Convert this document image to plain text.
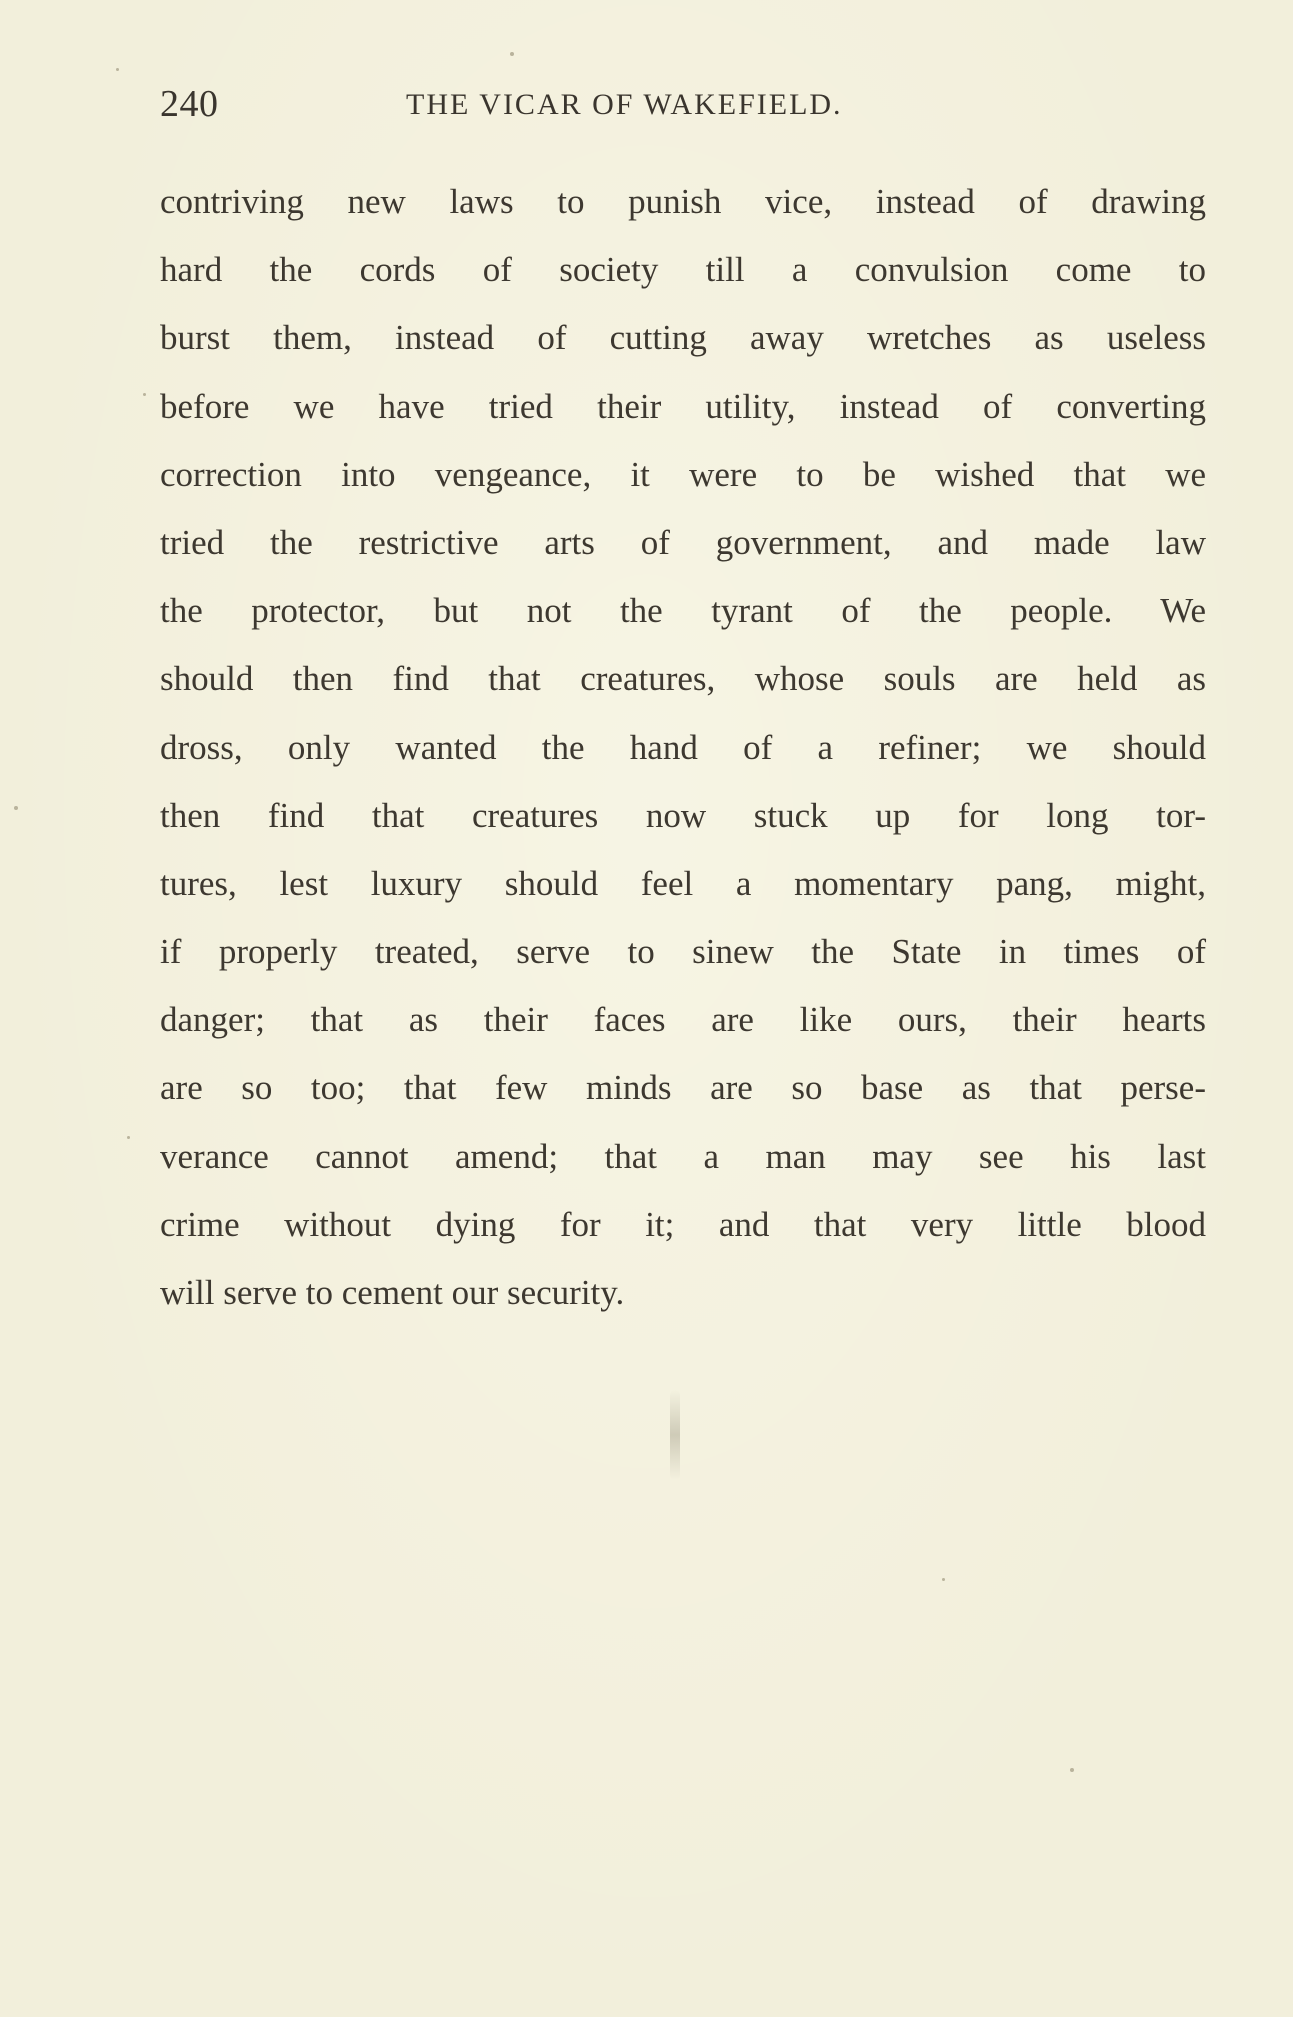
240	THE VICAR OF WAKEFIELD.
contriving new laws to punish vice, instead of drawing
hard the cords of society till a convulsion come to
burst them, instead of cutting away wretches as useless
before we have tried their utility, instead of converting
correction into vengeance, it were to be wished that we
tried the restrictive arts of government, and made law
the protector, but not the tyrant of the people. We
should then find that creatures, whose souls are held as
dross, only wanted the hand of a refiner; we should
then find that creatures now stuck up for long tor-
tures, lest luxury should feel a momentary pang, might,
if properly treated, serve to sinew the State in times of
danger; that as their faces are like ours, their hearts
are so too; that few minds are so base as that perse-
verance cannot amend; that a man may see his last
crime without dying for it; and that very little blood
will serve to cement our security.
